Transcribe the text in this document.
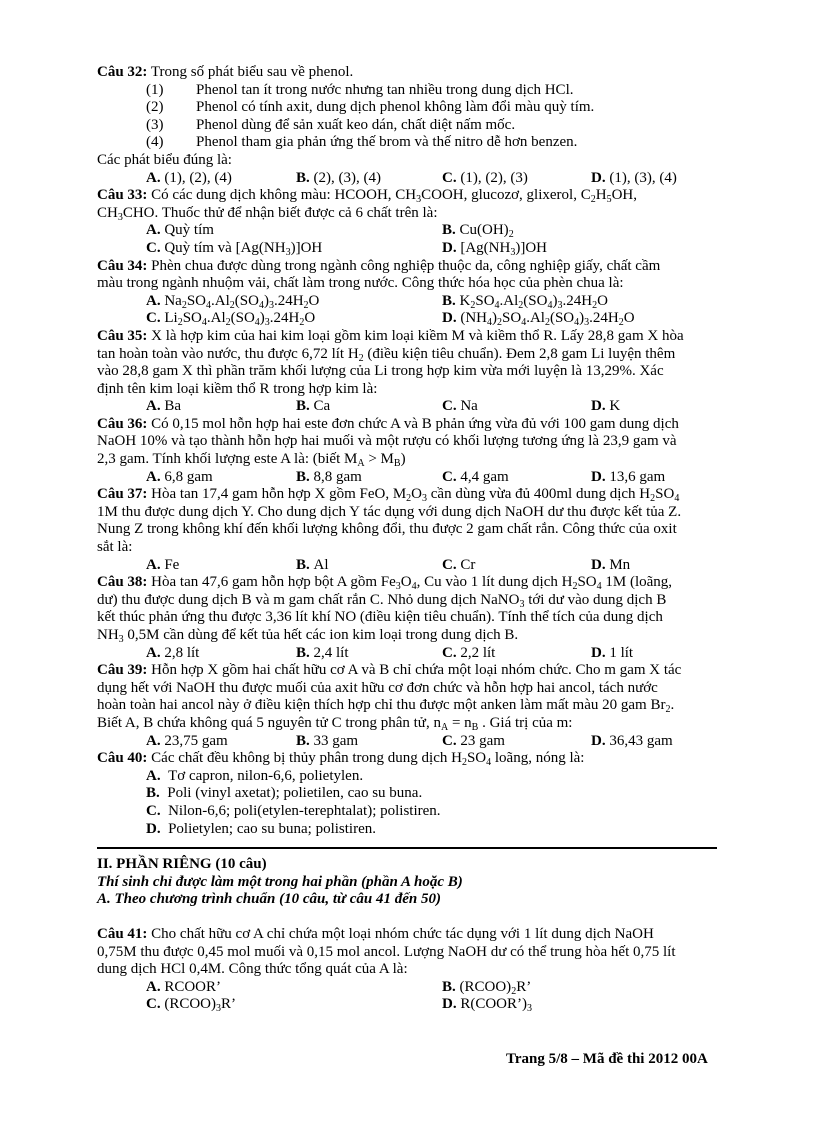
Câu 32: Trong số phát biểu sau về phenol.
(1) Phenol tan ít trong nước nhưng tan nhiều trong dung dịch HCl.
(2) Phenol có tính axit, dung dịch phenol không làm đổi màu quỳ tím.
(3) Phenol dùng để sản xuất keo dán, chất diệt nấm mốc.
(4) Phenol tham gia phản ứng thế brom và thế nitro dễ hơn benzen.
Các phát biểu đúng là:
A. (1), (2), (4)	B. (2), (3), (4)	C. (1), (2), (3)	D. (1), (3), (4)
Câu 33: Có các dung dịch không màu: HCOOH, $CH_3COOH$, glucozơ, glixerol, $C_2H_5OH$,
$CH_3CHO$. Thuốc thử để nhận biết được cả 6 chất trên là:
A. Quỳ tím	B. $Cu(OH)_2$
C. Quỳ tím và $[Ag(NH_3)]OH$	D. $[Ag(NH_3)]OH$
Câu 34: Phèn chua được dùng trong ngành công nghiệp thuộc da, công nghiệp giấy, chất cầm
màu trong ngành nhuộm vải, chất làm trong nước. Công thức hóa học của phèn chua là:
A. $Na_2SO_4.Al_2(SO_4)_3.24H_2O$	B. $K_2SO_4.Al_2(SO_4)_3.24H_2O$
C. $Li_2SO_4.Al_2(SO_4)_3.24H_2O$	D. $(NH_4)_2SO_4.Al_2(SO_4)_3.24H_2O$
Câu 35: X là hợp kim của hai kim loại gồm kim loại kiềm M và kiềm thổ R. Lấy 28,8 gam X hòa
tan hoàn toàn vào nước, thu được 6,72 lít $H_2$ (điều kiện tiêu chuẩn). Đem 2,8 gam Li luyện thêm
vào 28,8 gam X thì phần trăm khối lượng của Li trong hợp kim vừa mới luyện là 13,29%. Xác
định tên kim loại kiềm thổ R trong hợp kim là:
A. Ba	B. Ca	C. Na	D. K
Câu 36: Có 0,15 mol hỗn hợp hai este đơn chức A và B phản ứng vừa đủ với 100 gam dung dịch
NaOH 10% và tạo thành hỗn hợp hai muối và một rượu có khối lượng tương ứng là 23,9 gam và
2,3 gam. Tính khối lượng este A là: (biết $M_A > M_B$)
A. 6,8 gam	B. 8,8 gam	C. 4,4 gam	D. 13,6 gam
Câu 37: Hòa tan 17,4 gam hỗn hợp X gồm FeO, $M_2O_3$ cần dùng vừa đủ 400ml dung dịch $H_2SO_4$
1M thu được dung dịch Y. Cho dung dịch Y tác dụng với dung dịch NaOH dư thu được kết tủa Z.
Nung Z trong không khí đến khối lượng không đổi, thu được 2 gam chất rắn. Công thức của oxit
sắt là:
A. Fe	B. Al	C. Cr	D. Mn
Câu 38: Hòa tan 47,6 gam hỗn hợp bột A gồm $Fe_3O_4$, Cu vào 1 lít dung dịch $H_2SO_4$ 1M (loãng,
dư) thu được dung dịch B và m gam chất rắn C. Nhỏ dung dịch NaNO$_3$ tới dư vào dung dịch B
kết thúc phản ứng thu được 3,36 lít khí NO (điều kiện tiêu chuẩn). Tính thể tích của dung dịch
$NH_3$ 0,5M cần dùng để kết tủa hết các ion kim loại trong dung dịch B.
A. 2,8 lít	B. 2,4 lít	C. 2,2 lít	D. 1 lít
Câu 39: Hỗn hợp X gồm hai chất hữu cơ A và B chỉ chứa một loại nhóm chức. Cho m gam X tác
dụng hết với NaOH thu được muối của axit hữu cơ đơn chức và hỗn hợp hai ancol, tách nước
hoàn toàn hai ancol này ở điều kiện thích hợp chỉ thu được một anken làm mất màu 20 gam $Br_2$.
Biết A, B chứa không quá 5 nguyên tử C trong phân tử, $n_A = n_B$ . Giá trị của m:
A. 23,75 gam	B. 33 gam	C. 23 gam	D. 36,43 gam
Câu 40: Các chất đều không bị thủy phân trong dung dịch $H_2SO_4$ loãng, nóng là:
A. Tơ capron, nilon-6,6, polietylen.
B. Poli (vinyl axetat); polietilen, cao su buna.
C. Nilon-6,6; poli(etylen-terephtalat); polistiren.
D. Polietylen; cao su buna; polistiren.
II. PHẦN RIÊNG (10 câu)
Thí sinh chỉ được làm một trong hai phần (phần A hoặc B)
A. Theo chương trình chuẩn (10 câu, từ câu 41 đến 50)
Câu 41: Cho chất hữu cơ A chỉ chứa một loại nhóm chức tác dụng với 1 lít dung dịch NaOH
0,75M thu được 0,45 mol muối và 0,15 mol ancol. Lượng NaOH dư có thể trung hòa hết 0,75 lít
dung dịch HCl 0,4M. Công thức tổng quát của A là:
A. RCOOR’	B. $(RCOO)_2R$’
C. $(RCOO)_3R$’	D. $R(COOR’)_3$
Trang 5/8 – Mã đề thi 2012 00A
